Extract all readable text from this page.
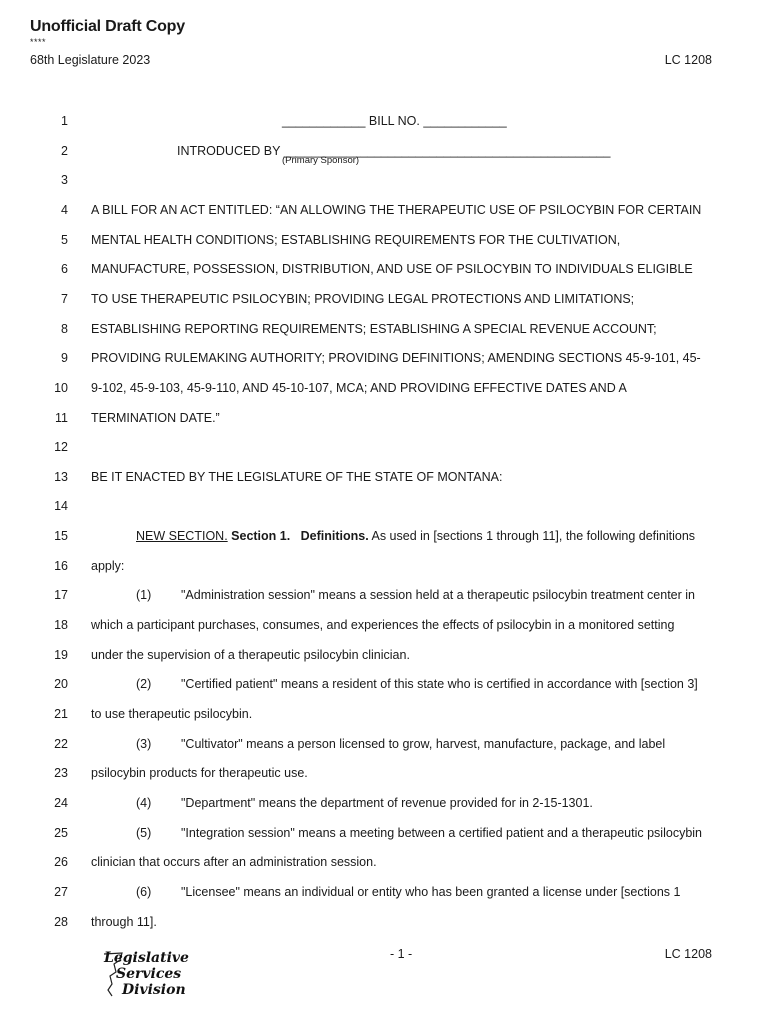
Unofficial Draft Copy
****
68th Legislature 2023	LC 1208
1	____________ BILL NO. ____________
2	INTRODUCED BY _______________________________________________
3
4 A BILL FOR AN ACT ENTITLED: “AN ALLOWING THE THERAPEUTIC USE OF PSILOCYBIN FOR CERTAIN
5 MENTAL HEALTH CONDITIONS; ESTABLISHING REQUIREMENTS FOR THE CULTIVATION,
6 MANUFACTURE, POSSESSION, DISTRIBUTION, AND USE OF PSILOCYBIN TO INDIVIDUALS ELIGIBLE
7 TO USE THERAPEUTIC PSILOCYBIN; PROVIDING LEGAL PROTECTIONS AND LIMITATIONS;
8 ESTABLISHING REPORTING REQUIREMENTS; ESTABLISHING A SPECIAL REVENUE ACCOUNT;
9 PROVIDING RULEMAKING AUTHORITY; PROVIDING DEFINITIONS; AMENDING SECTIONS 45-9-101, 45-
10 9-102, 45-9-103, 45-9-110, AND 45-10-107, MCA; AND PROVIDING EFFECTIVE DATES AND A
11 TERMINATION DATE.”
12
13 BE IT ENACTED BY THE LEGISLATURE OF THE STATE OF MONTANA:
14
15	NEW SECTION. Section 1. Definitions. As used in [sections 1 through 11], the following definitions
16 apply:
17	(1) "Administration session" means a session held at a therapeutic psilocybin treatment center in
18 which a participant purchases, consumes, and experiences the effects of psilocybin in a monitored setting
19 under the supervision of a therapeutic psilocybin clinician.
20	(2) "Certified patient" means a resident of this state who is certified in accordance with [section 3]
21 to use therapeutic psilocybin.
22	(3) "Cultivator" means a person licensed to grow, harvest, manufacture, package, and label
23 psilocybin products for therapeutic use.
24	(4) "Department" means the department of revenue provided for in 2-15-1301.
25	(5) "Integration session" means a meeting between a certified patient and a therapeutic psilocybin
26 clinician that occurs after an administration session.
27	(6) "Licensee" means an individual or entity who has been granted a license under [sections 1
28 through 11].
(Primary Sponsor)
- 1 -	LC 1208
Legislative
Services
Division
